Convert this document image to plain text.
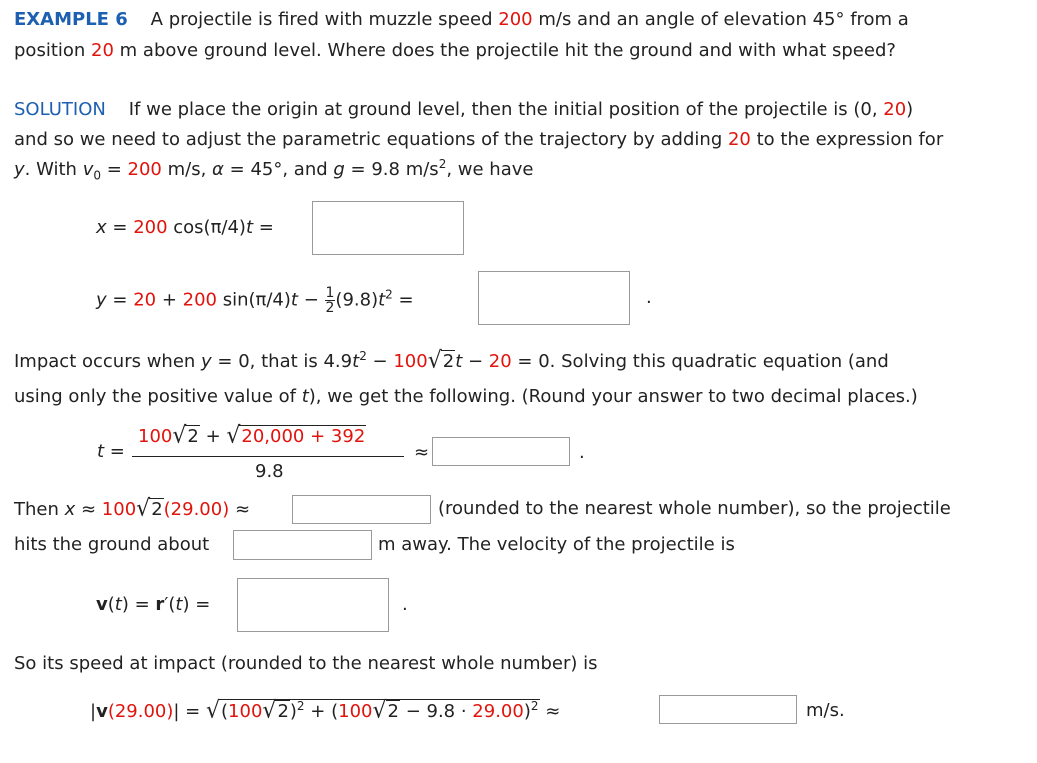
EXAMPLE 6 A projectile is fired with muzzle speed 200 m/s and an angle of elevation 45° from a
position 20 m above ground level. Where does the projectile hit the ground and with what speed?
SOLUTION If we place the origin at ground level, then the initial position of the projectile is (0, 20)
and so we need to adjust the parametric equations of the trajectory by adding 20 to the expression for
y. With $v_0 = 200$ m/s, α = 45°, and g = 9.8 $m/s^2$, we have
x = 200 cos(π/4)t =
y = 20 + 200 $\sin(\pi/4)t - \frac{1}{2} (9.8)t^2$ =	.
Impact occurs when y = 0, that is $4.9t^2 - 100√2t - 20 = 0$. Solving this quadratic equation (and
using only the positive value of t), we get the following. (Round your answer to two decimal places.)
t =
100√2 + √20,000 + 392
9.8
≈	.
Then x ≈ 100√2(29.00) ≈	(rounded to the nearest whole number), so the projectile
hits the ground about	m away. The velocity of the projectile is
v(t) = r′(t) =	.
So its speed at impact (rounded to the nearest whole number) is
$|v(29.00)| = √(100√2)^2 + (100√2 - 9.8 \cdot 29.00)^2$ ≈	m/s.
